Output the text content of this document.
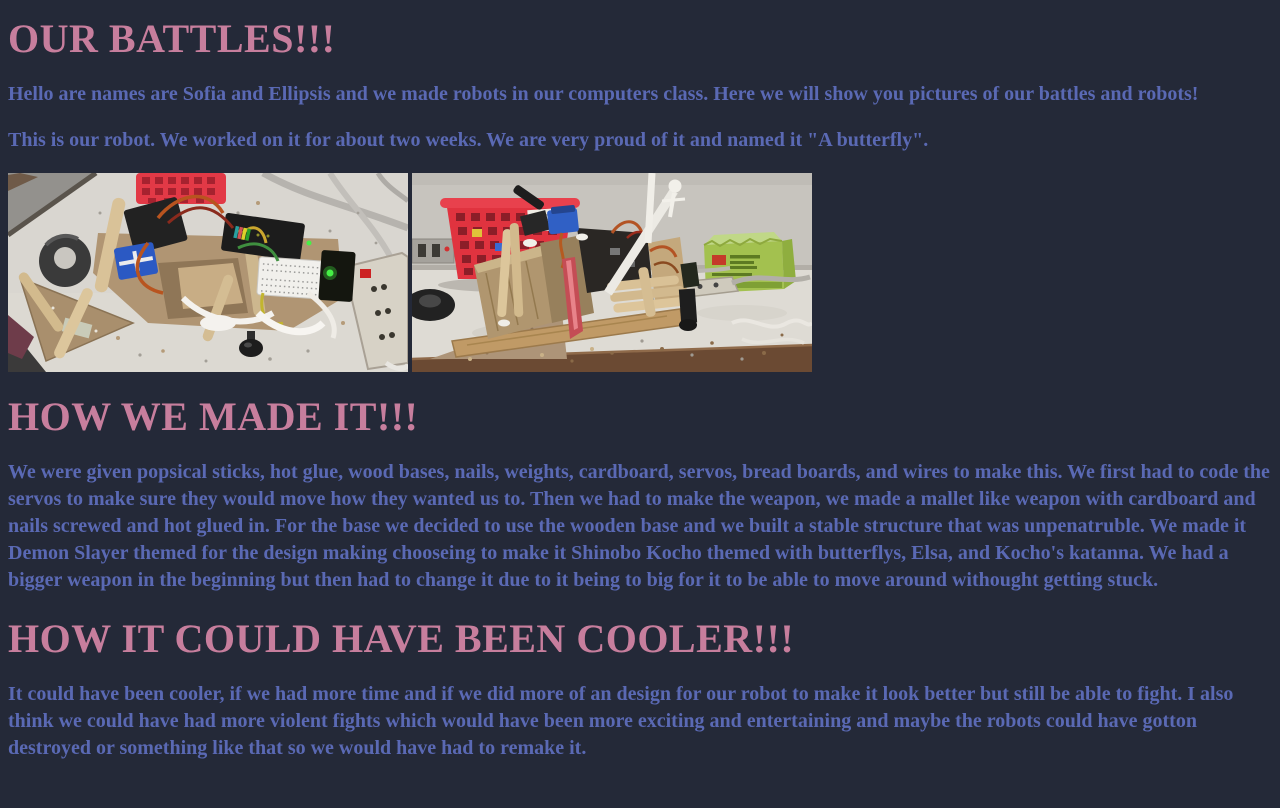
OUR BATTLES!!!

Hello are names are Sofia and Ellipsis and we made robots in our computers class. Here we will show you pictures of our battles and robots!

This is our robot. We worked on it for about two weeks. We are very proud of it and named it "A butterfly".

HOW WE MADE IT!!!

We were given popsical sticks, hot glue, wood bases, nails, weights, cardboard, servos, bread boards, and wires to make this. We first had to code the servos to make sure they would move how they wanted us to. Then we had to make the weapon, we made a mallet like weapon with cardboard and nails screwed and hot glued in. For the base we decided to use the wooden base and we built a stable structure that was unpenatruble. We made it Demon Slayer themed for the design making chooseing to make it Shinobo Kocho themed with butterflys, Elsa, and Kocho's katanna. We had a bigger weapon in the beginning but then had to change it due to it being to big for it to be able to move around withought getting stuck.

HOW IT COULD HAVE BEEN COOLER!!!

It could have been cooler, if we had more time and if we did more of an design for our robot to make it look better but still be able to fight. I also think we could have had more violent fights which would have been more exciting and entertaining and maybe the robots could have gotton destroyed or something like that so we would have had to remake it.
